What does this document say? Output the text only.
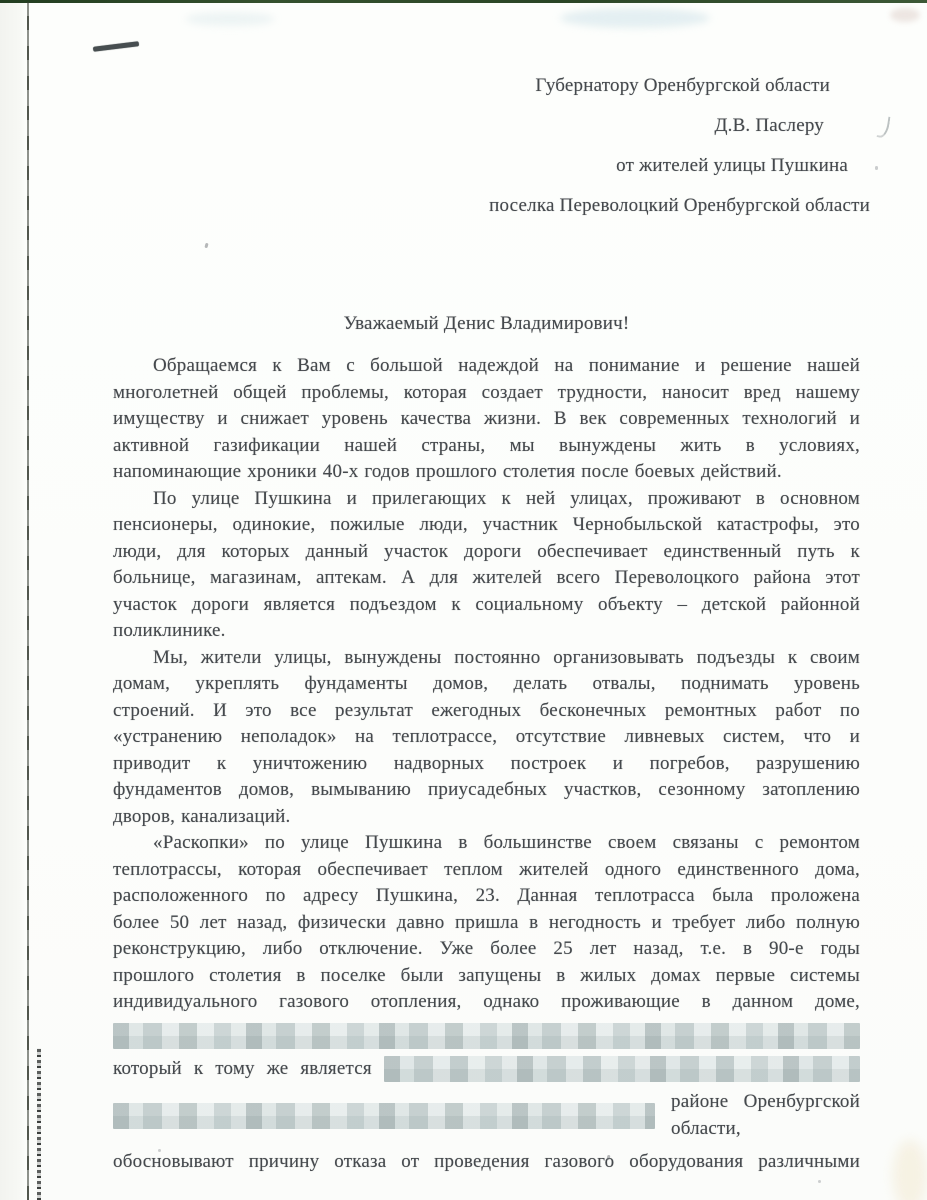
Губернатору Оренбургской области
Д.В. Паслеру
от жителей улицы Пушкина
поселка Переволоцкий Оренбургской области
Уважаемый Денис Владимирович!
Обращаемся к Вам с большой надеждой на понимание и решение нашей
многолетней общей проблемы, которая создает трудности, наносит вред нашему
имуществу и снижает уровень качества жизни. В век современных технологий и
активной газификации нашей страны, мы вынуждены жить в условиях,
напоминающие хроники 40-х годов прошлого столетия после боевых действий.
По улице Пушкина и прилегающих к ней улицах, проживают в основном
пенсионеры, одинокие, пожилые люди, участник Чернобыльской катастрофы, это
люди, для которых данный участок дороги обеспечивает единственный путь к
больнице, магазинам, аптекам. А для жителей всего Переволоцкого района этот
участок дороги является подъездом к социальному объекту – детской районной
поликлинике.
Мы, жители улицы, вынуждены постоянно организовывать подъезды к своим
домам, укреплять фундаменты домов, делать отвалы, поднимать уровень
строений. И это все результат ежегодных бесконечных ремонтных работ по
«устранению неполадок» на теплотрассе, отсутствие ливневых систем, что и
приводит к уничтожению надворных построек и погребов, разрушению
фундаментов домов, вымыванию приусадебных участков, сезонному затоплению
дворов, канализаций.
«Раскопки» по улице Пушкина в большинстве своем связаны с ремонтом
теплотрассы, которая обеспечивает теплом жителей одного единственного дома,
расположенного по адресу Пушкина, 23. Данная теплотрасса была проложена
более 50 лет назад, физически давно пришла в негодность и требует либо полную
реконструкцию, либо отключение. Уже более 25 лет назад, т.е. в 90-е годы
прошлого столетия в поселке были запущены в жилых домах первые системы
индивидуального газового отопления, однако проживающие в данном доме,
который к тому же является
районе Оренбургской области,
обосновывают причину отказа от проведения газового оборудования различными
